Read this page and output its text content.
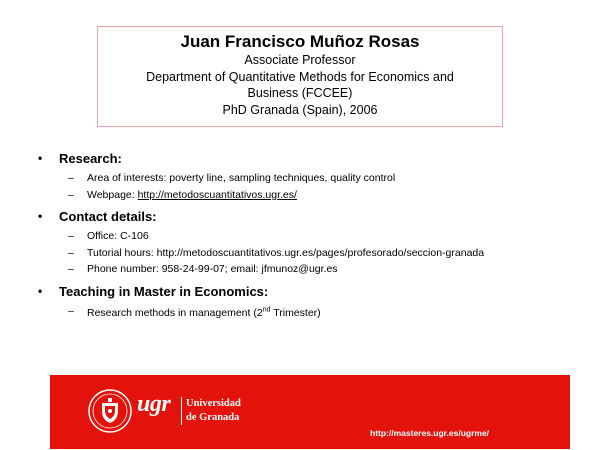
Juan Francisco Muñoz Rosas
Associate Professor
Department of Quantitative Methods for Economics and
Business (FCCEE)
PhD Granada (Spain), 2006
• Research:
– Area of interests: poverty line, sampling techniques, quality control
– Webpage: http://metodoscuantitativos.ugr.es/
• Contact details:
– Office: C-106
– Tutorial hours: http://metodoscuantitativos.ugr.es/pages/profesorado/seccion-granada
– Phone number: 958-24-99-07; email: jfmunoz@ugr.es
• Teaching in Master in Economics:
– Research methods in management (2nd Trimester)
ugr Universidad
de Granada
http://masteres.ugr.es/ugrme/
